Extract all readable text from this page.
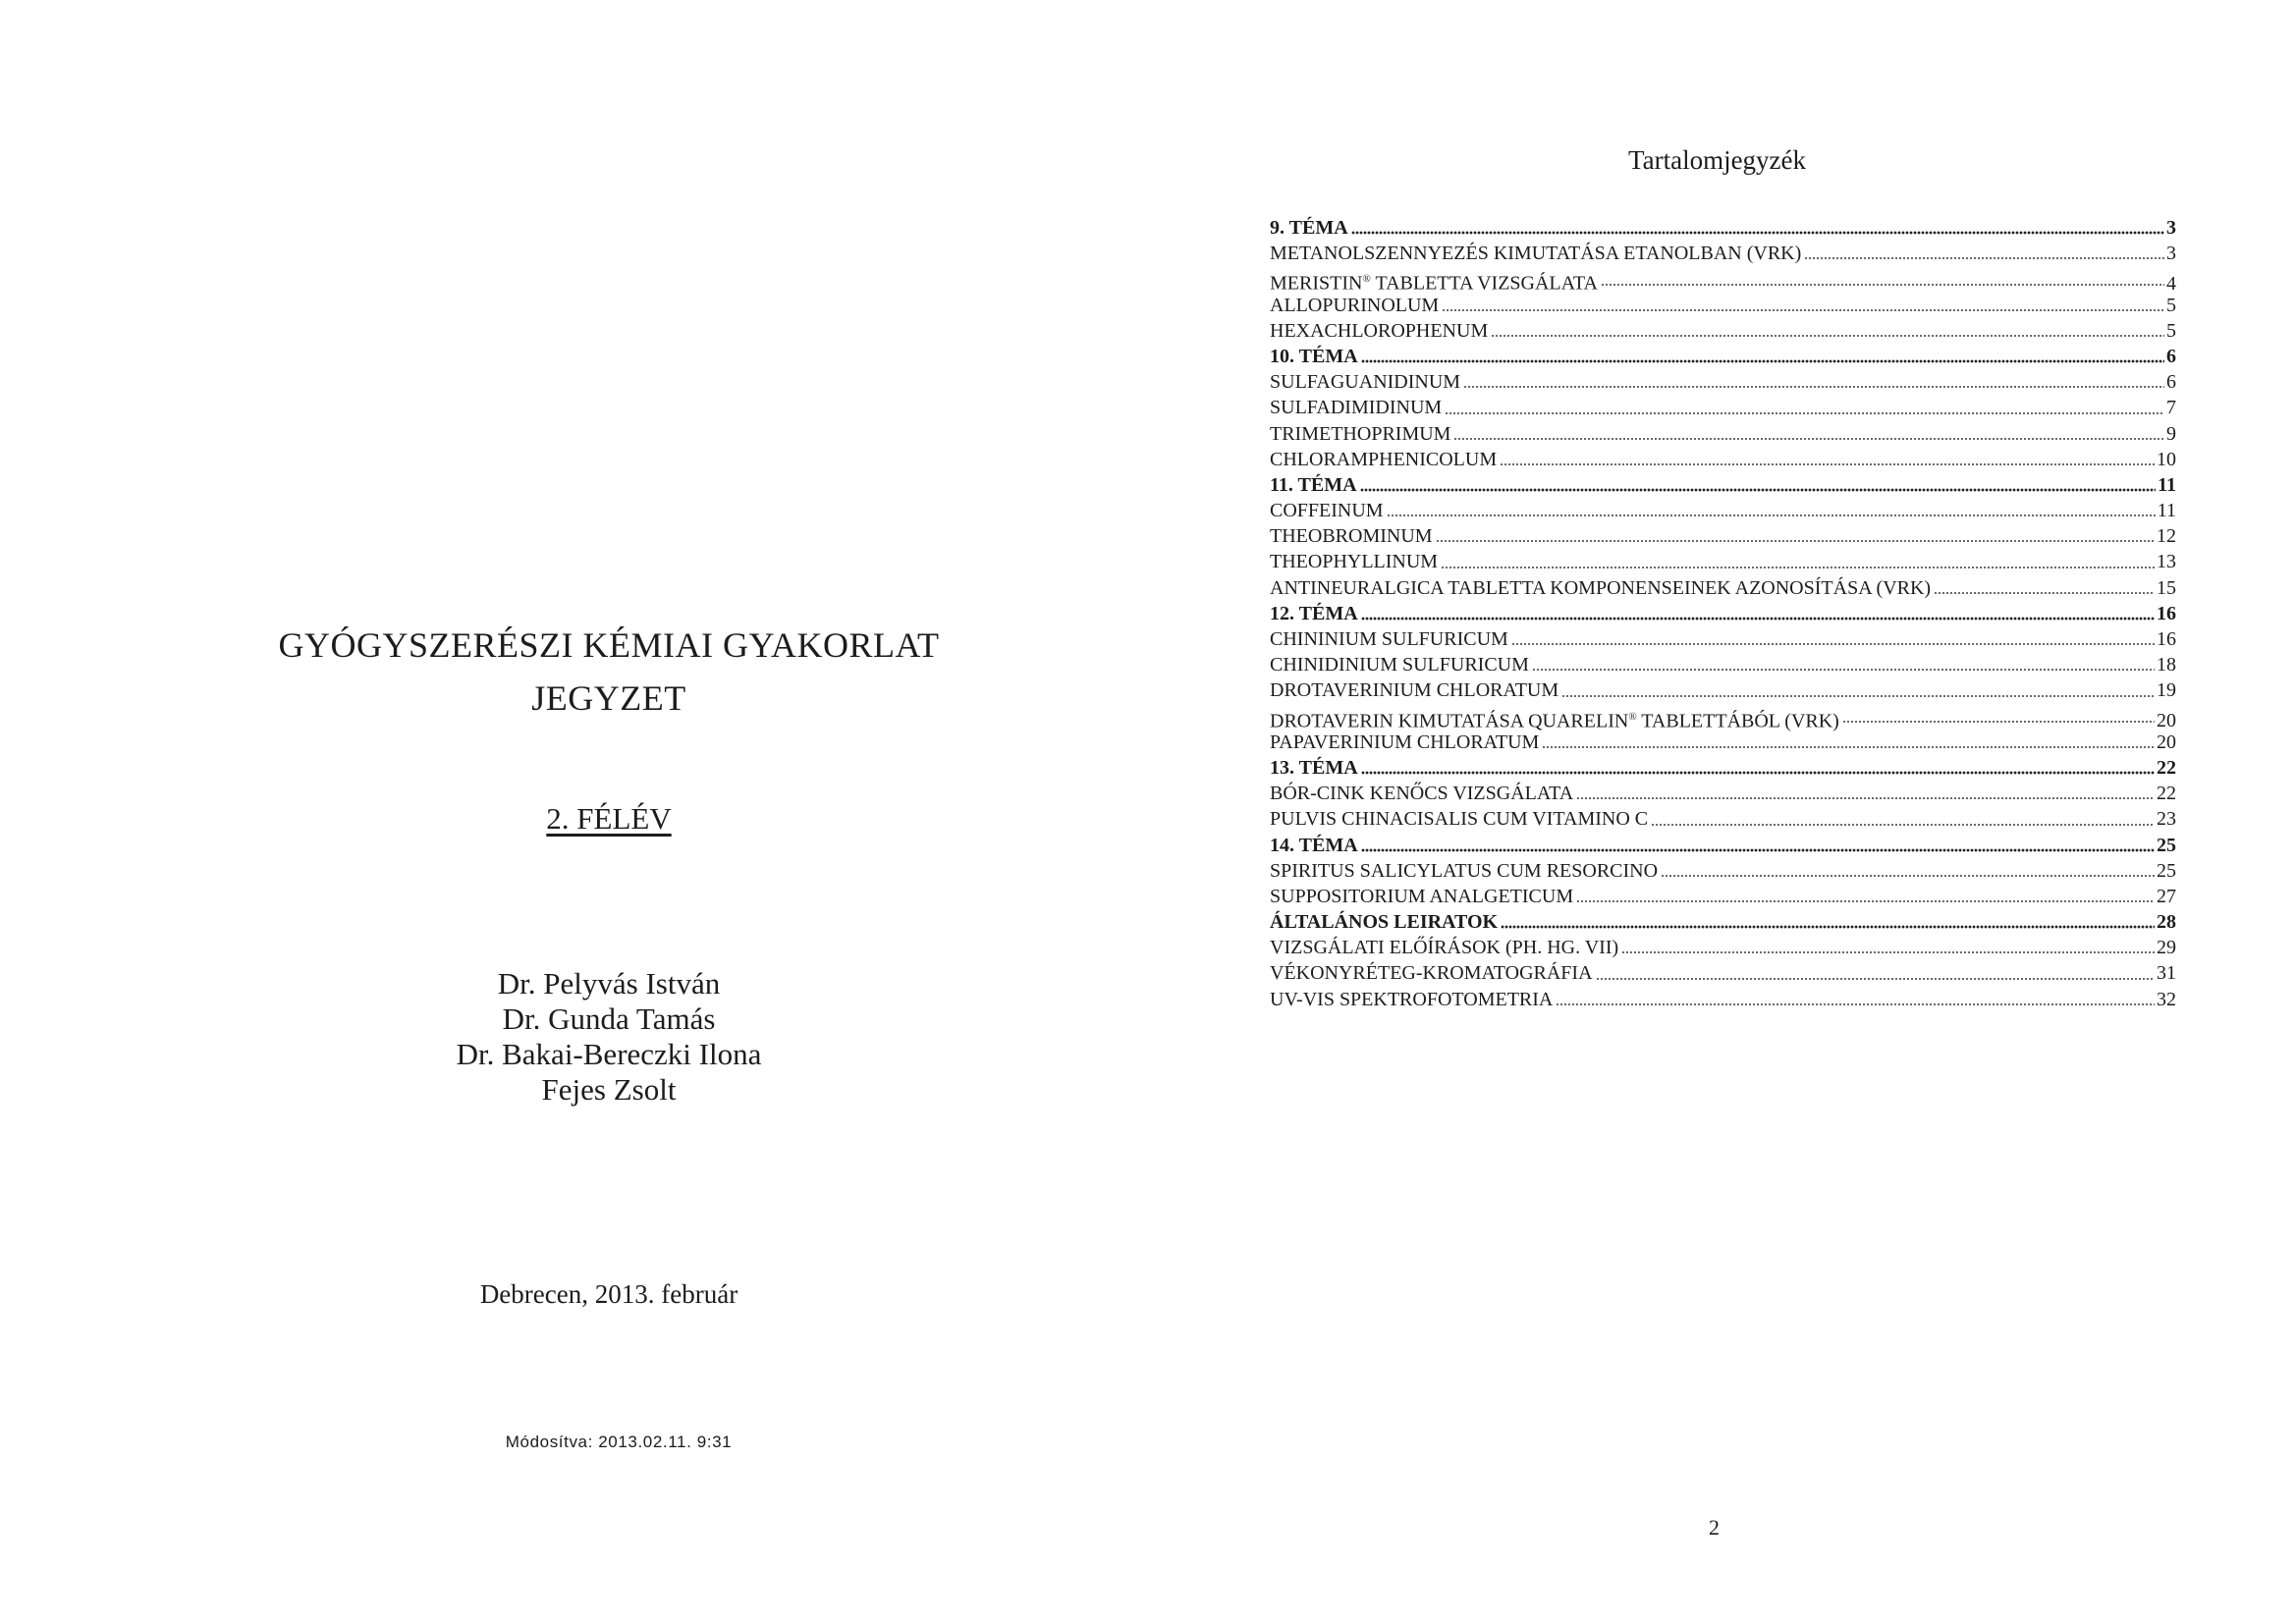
GYÓGYSZERÉSZI KÉMIAI GYAKORLAT
JEGYZET
2. FÉLÉV
Dr. Pelyvás István
Dr. Gunda Tamás
Dr. Bakai-Bereczki Ilona
Fejes Zsolt
Debrecen, 2013. február
Módosítva: 2013.02.11. 9:31
Tartalomjegyzék
9. TÉMA	3
METANOLSZENNYEZÉS KIMUTATÁSA ETANOLBAN (VRK)	3
MERISTIN® TABLETTA VIZSGÁLATA	4
ALLOPURINOLUM	5
HEXACHLOROPHENUM	5
10. TÉMA	6
SULFAGUANIDINUM	6
SULFADIMIDINUM	7
TRIMETHOPRIMUM	9
CHLORAMPHENICOLUM	10
11. TÉMA	11
COFFEINUM	11
THEOBROMINUM	12
THEOPHYLLINUM	13
ANTINEURALGICA TABLETTA KOMPONENSEINEK AZONOSÍTÁSA (VRK)	15
12. TÉMA	16
CHININIUM SULFURICUM	16
CHINIDINIUM SULFURICUM	18
DROTAVERINIUM CHLORATUM	19
DROTAVERIN KIMUTATÁSA QUARELIN® TABLETTÁBÓL (VRK)	20
PAPAVERINIUM CHLORATUM	20
13. TÉMA	22
BÓR-CINK KENŐCS VIZSGÁLATA	22
PULVIS CHINACISALIS CUM VITAMINO C	23
14. TÉMA	25
SPIRITUS SALICYLATUS CUM RESORCINO	25
SUPPOSITORIUM ANALGETICUM	27
ÁLTALÁNOS LEIRATOK	28
VIZSGÁLATI ELŐÍRÁSOK (PH. HG. VII)	29
VÉKONYRÉTEG-KROMATOGRÁFIA	31
UV-VIS SPEKTROFOTOMETRIA	32
2
